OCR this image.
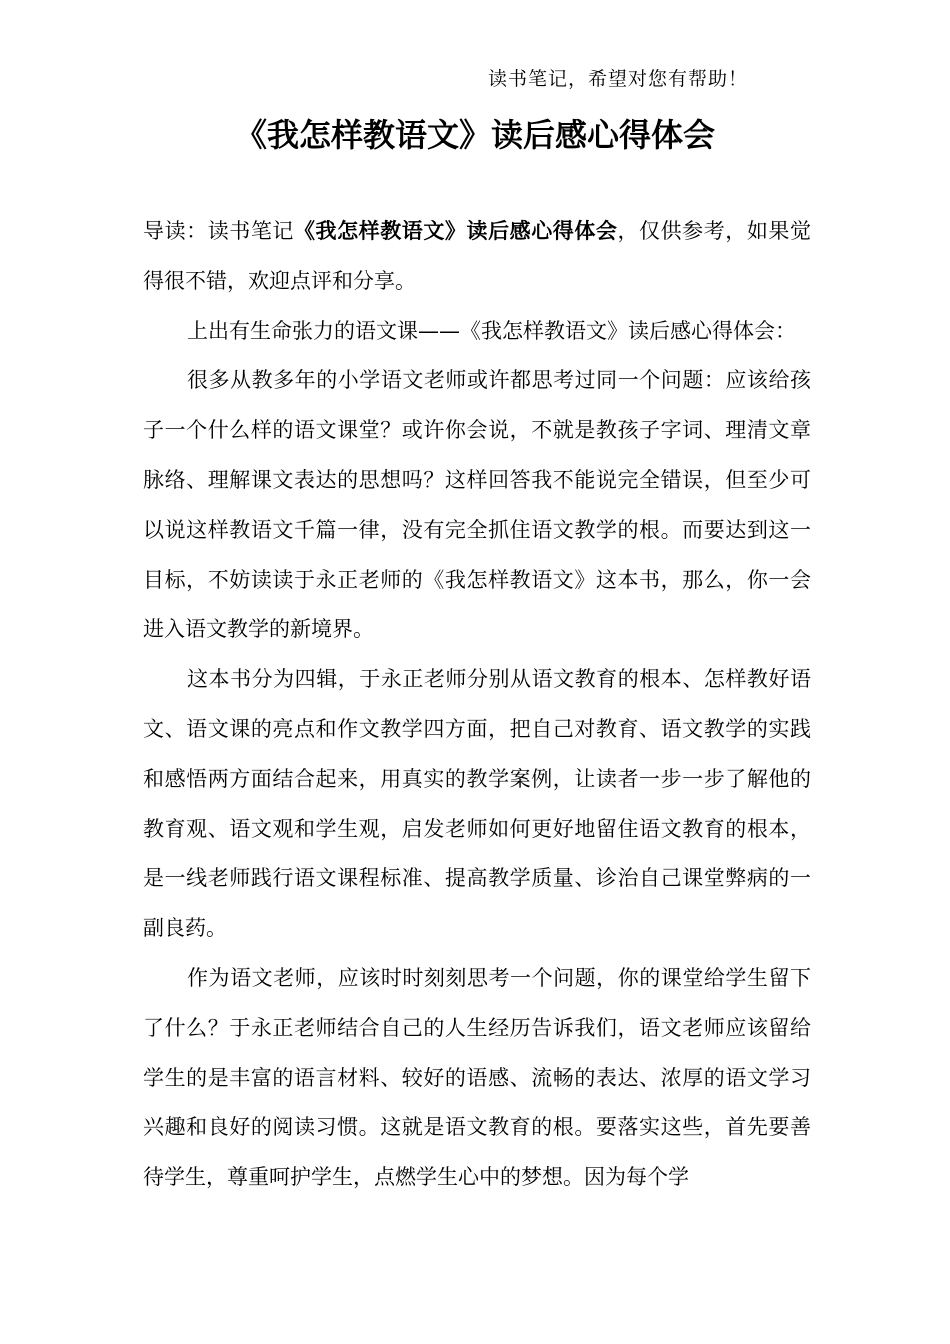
读书笔记，希望对您有帮助！
《我怎样教语文》读后感心得体会

导读：读书笔记《我怎样教语文》读后感心得体会，仅供参考，如果觉得很不错，欢迎点评和分享。

上出有生命张力的语文课——《我怎样教语文》读后感心得体会：

很多从教多年的小学语文老师或许都思考过同一个问题：应该给孩子一个什么样的语文课堂？或许你会说，不就是教孩子字词、理清文章脉络、理解课文表达的思想吗？这样回答我不能说完全错误，但至少可以说这样教语文千篇一律，没有完全抓住语文教学的根。而要达到这一目标，不妨读读于永正老师的《我怎样教语文》这本书，那么，你一会进入语文教学的新境界。

这本书分为四辑，于永正老师分别从语文教育的根本、怎样教好语文、语文课的亮点和作文教学四方面，把自己对教育、语文教学的实践和感悟两方面结合起来，用真实的教学案例，让读者一步一步了解他的教育观、语文观和学生观，启发老师如何更好地留住语文教育的根本，是一线老师践行语文课程标准、提高教学质量、诊治自己课堂弊病的一副良药。

作为语文老师，应该时时刻刻思考一个问题，你的课堂给学生留下了什么？于永正老师结合自己的人生经历告诉我们，语文老师应该留给学生的是丰富的语言材料、较好的语感、流畅的表达、浓厚的语文学习兴趣和良好的阅读习惯。这就是语文教育的根。要落实这些，首先要善待学生，尊重呵护学生，点燃学生心中的梦想。因为每个学
